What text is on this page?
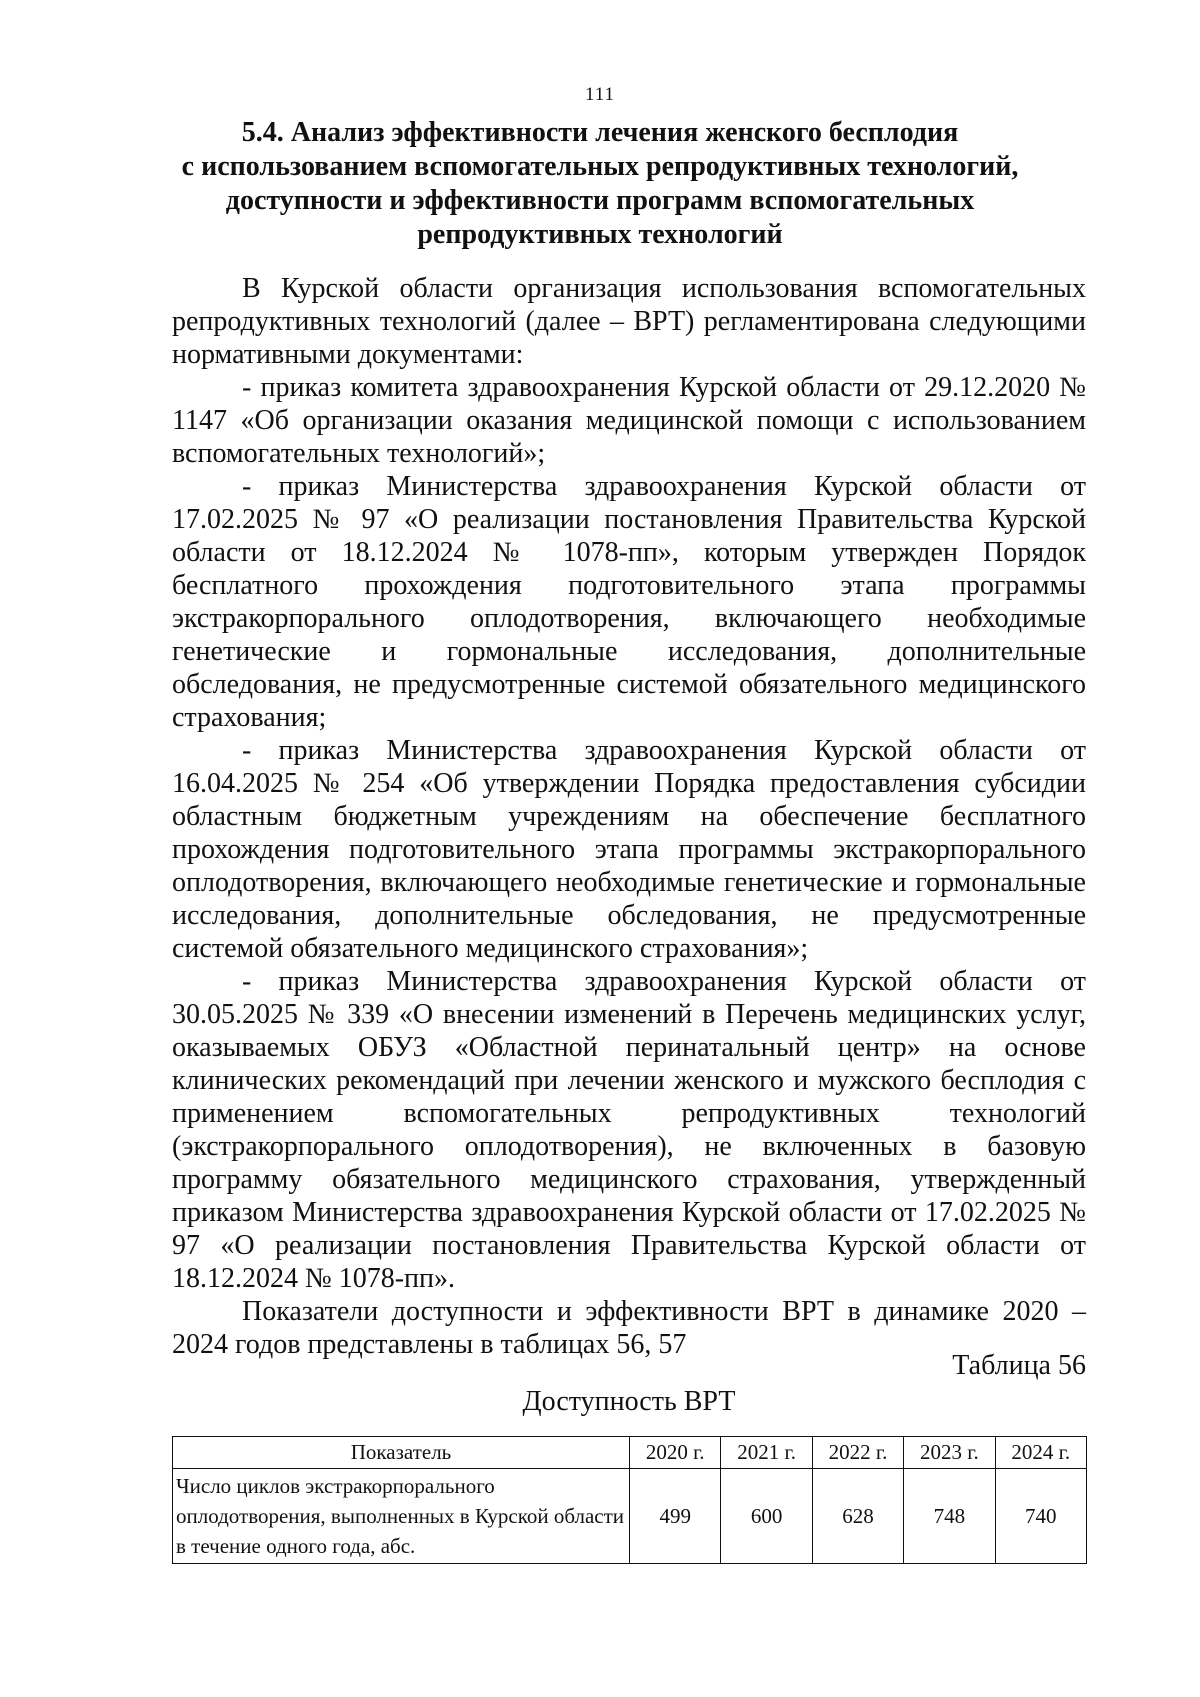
111
5.4. Анализ эффективности лечения женского бесплодия
с использованием вспомогательных репродуктивных технологий,
доступности и эффективности программ вспомогательных
репродуктивных технологий

В Курской области организация использования вспомогательных репродуктивных технологий (далее – ВРТ) регламентирована следующими нормативными документами:

- приказ комитета здравоохранения Курской области от 29.12.2020 № 1147 «Об организации оказания медицинской помощи с использованием вспомогательных технологий»;

- приказ Министерства здравоохранения Курской области от 17.02.2025 № 97 «О реализации постановления Правительства Курской области от 18.12.2024 № 1078-пп», которым утвержден Порядок бесплатного прохождения подготовительного этапа программы экстракорпорального оплодотворения, включающего необходимые генетические и гормональные исследования, дополнительные обследования, не предусмотренные системой обязательного медицинского страхования;

- приказ Министерства здравоохранения Курской области от 16.04.2025 № 254 «Об утверждении Порядка предоставления субсидии областным бюджетным учреждениям на обеспечение бесплатного прохождения подготовительного этапа программы экстракорпорального оплодотворения, включающего необходимые генетические и гормональные исследования, дополнительные обследования, не предусмотренные системой обязательного медицинского страхования»;

- приказ Министерства здравоохранения Курской области от 30.05.2025 № 339 «О внесении изменений в Перечень медицинских услуг, оказываемых ОБУЗ «Областной перинатальный центр» на основе клинических рекомендаций при лечении женского и мужского бесплодия с применением вспомогательных репродуктивных технологий (экстракорпорального оплодотворения), не включенных в базовую программу обязательного медицинского страхования, утвержденный приказом Министерства здравоохранения Курской области от 17.02.2025 № 97 «О реализации постановления Правительства Курской области от 18.12.2024 № 1078-пп».

Показатели доступности и эффективности ВРТ в динамике 2020 – 2024 годов представлены в таблицах 56, 57

Таблица 56
Доступность ВРТ
Показатель	2020 г.	2021 г.	2022 г.	2023 г.	2024 г.
Число циклов экстракорпорального оплодотворения, выполненных в Курской области в течение одного года, абс.	499	600	628	748	740
